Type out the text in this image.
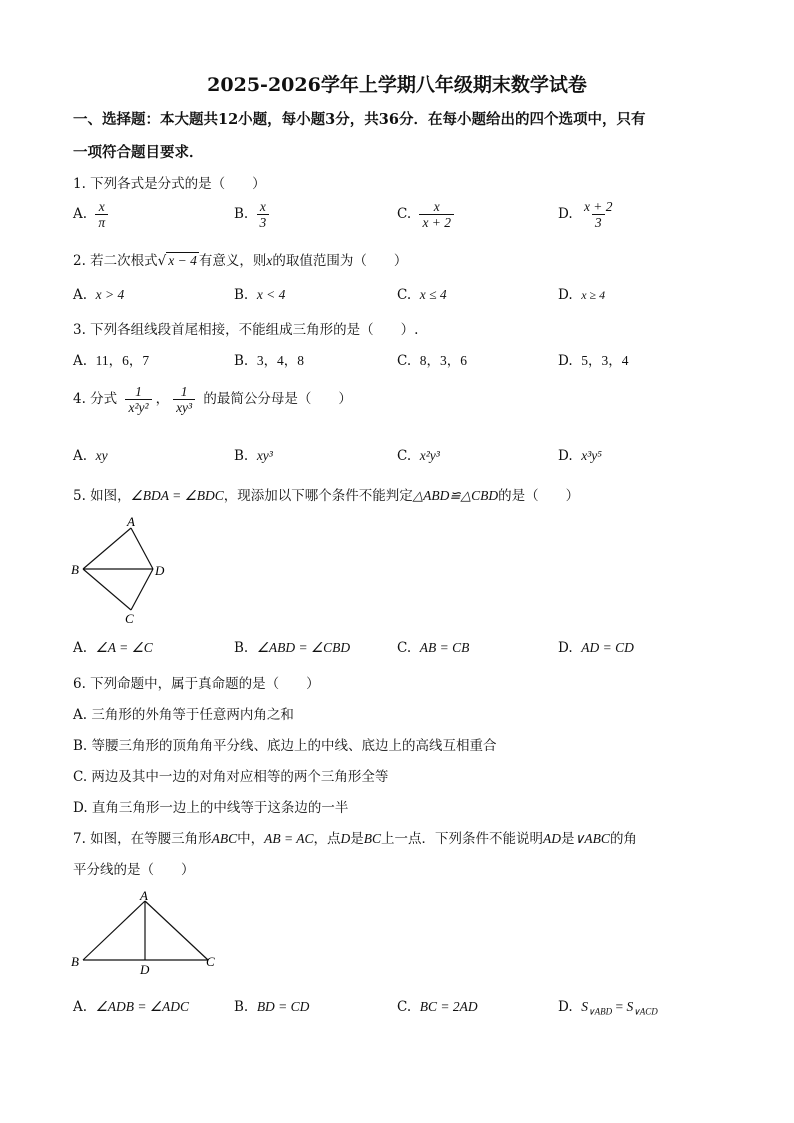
2025-2026学年上学期八年级期末数学试卷
一、选择题：本大题共12小题，每小题3分，共36分．在每小题给出的四个选项中，只有
一项符合题目要求．
1. 下列各式是分式的是（　　）
A. $\frac{x}{\pi}$	B. $\frac{x}{3}$	C. $\frac{x}{x + 2}$	D. $\frac{x + 2}{3}$
2. 若二次根式√ x − 4 有意义，则x的取值范围为（　　）
A. x > 4	B. x < 4	C. x ≤ 4	D. x ≥ 4
3. 下列各组线段首尾相接，不能组成三角形的是（　　）.
A. 11，6，7	B. 3，4，8	C. 8，3，6	D. 5，3，4
4. 分式 $\frac{1}{\text{x²y²}}$ ， $\frac{1}{\text{xy³}}$ 的最简公分母是（　　）
A. xy	B. xy³	C. x²y³	D. x³y⁵
5. 如图，∠BDA = ∠BDC，现添加以下哪个条件不能判定△ABD≌△CBD的是（　　）
A
B
C
D
A. ∠A = ∠C	B. ∠ABD = ∠CBD	C. AB = CB	D. AD = CD
6. 下列命题中，属于真命题的是（　　）
A. 三角形的外角等于任意两内角之和
B. 等腰三角形的顶角角平分线、底边上的中线、底边上的高线互相重合
C. 两边及其中一边的对角对应相等的两个三角形全等
D. 直角三角形一边上的中线等于这条边的一半
7. 如图，在等腰三角形ABC中，AB = AC，点D是BC上一点．下列条件不能说明AD是∨ABC的角
平分线的是（　　）
A
B
D
C
A. ∠ADB = ∠ADC	B. BD = CD	C. BC = 2AD	D. $S_{\vee ABD} = S_{\vee ACD}$
